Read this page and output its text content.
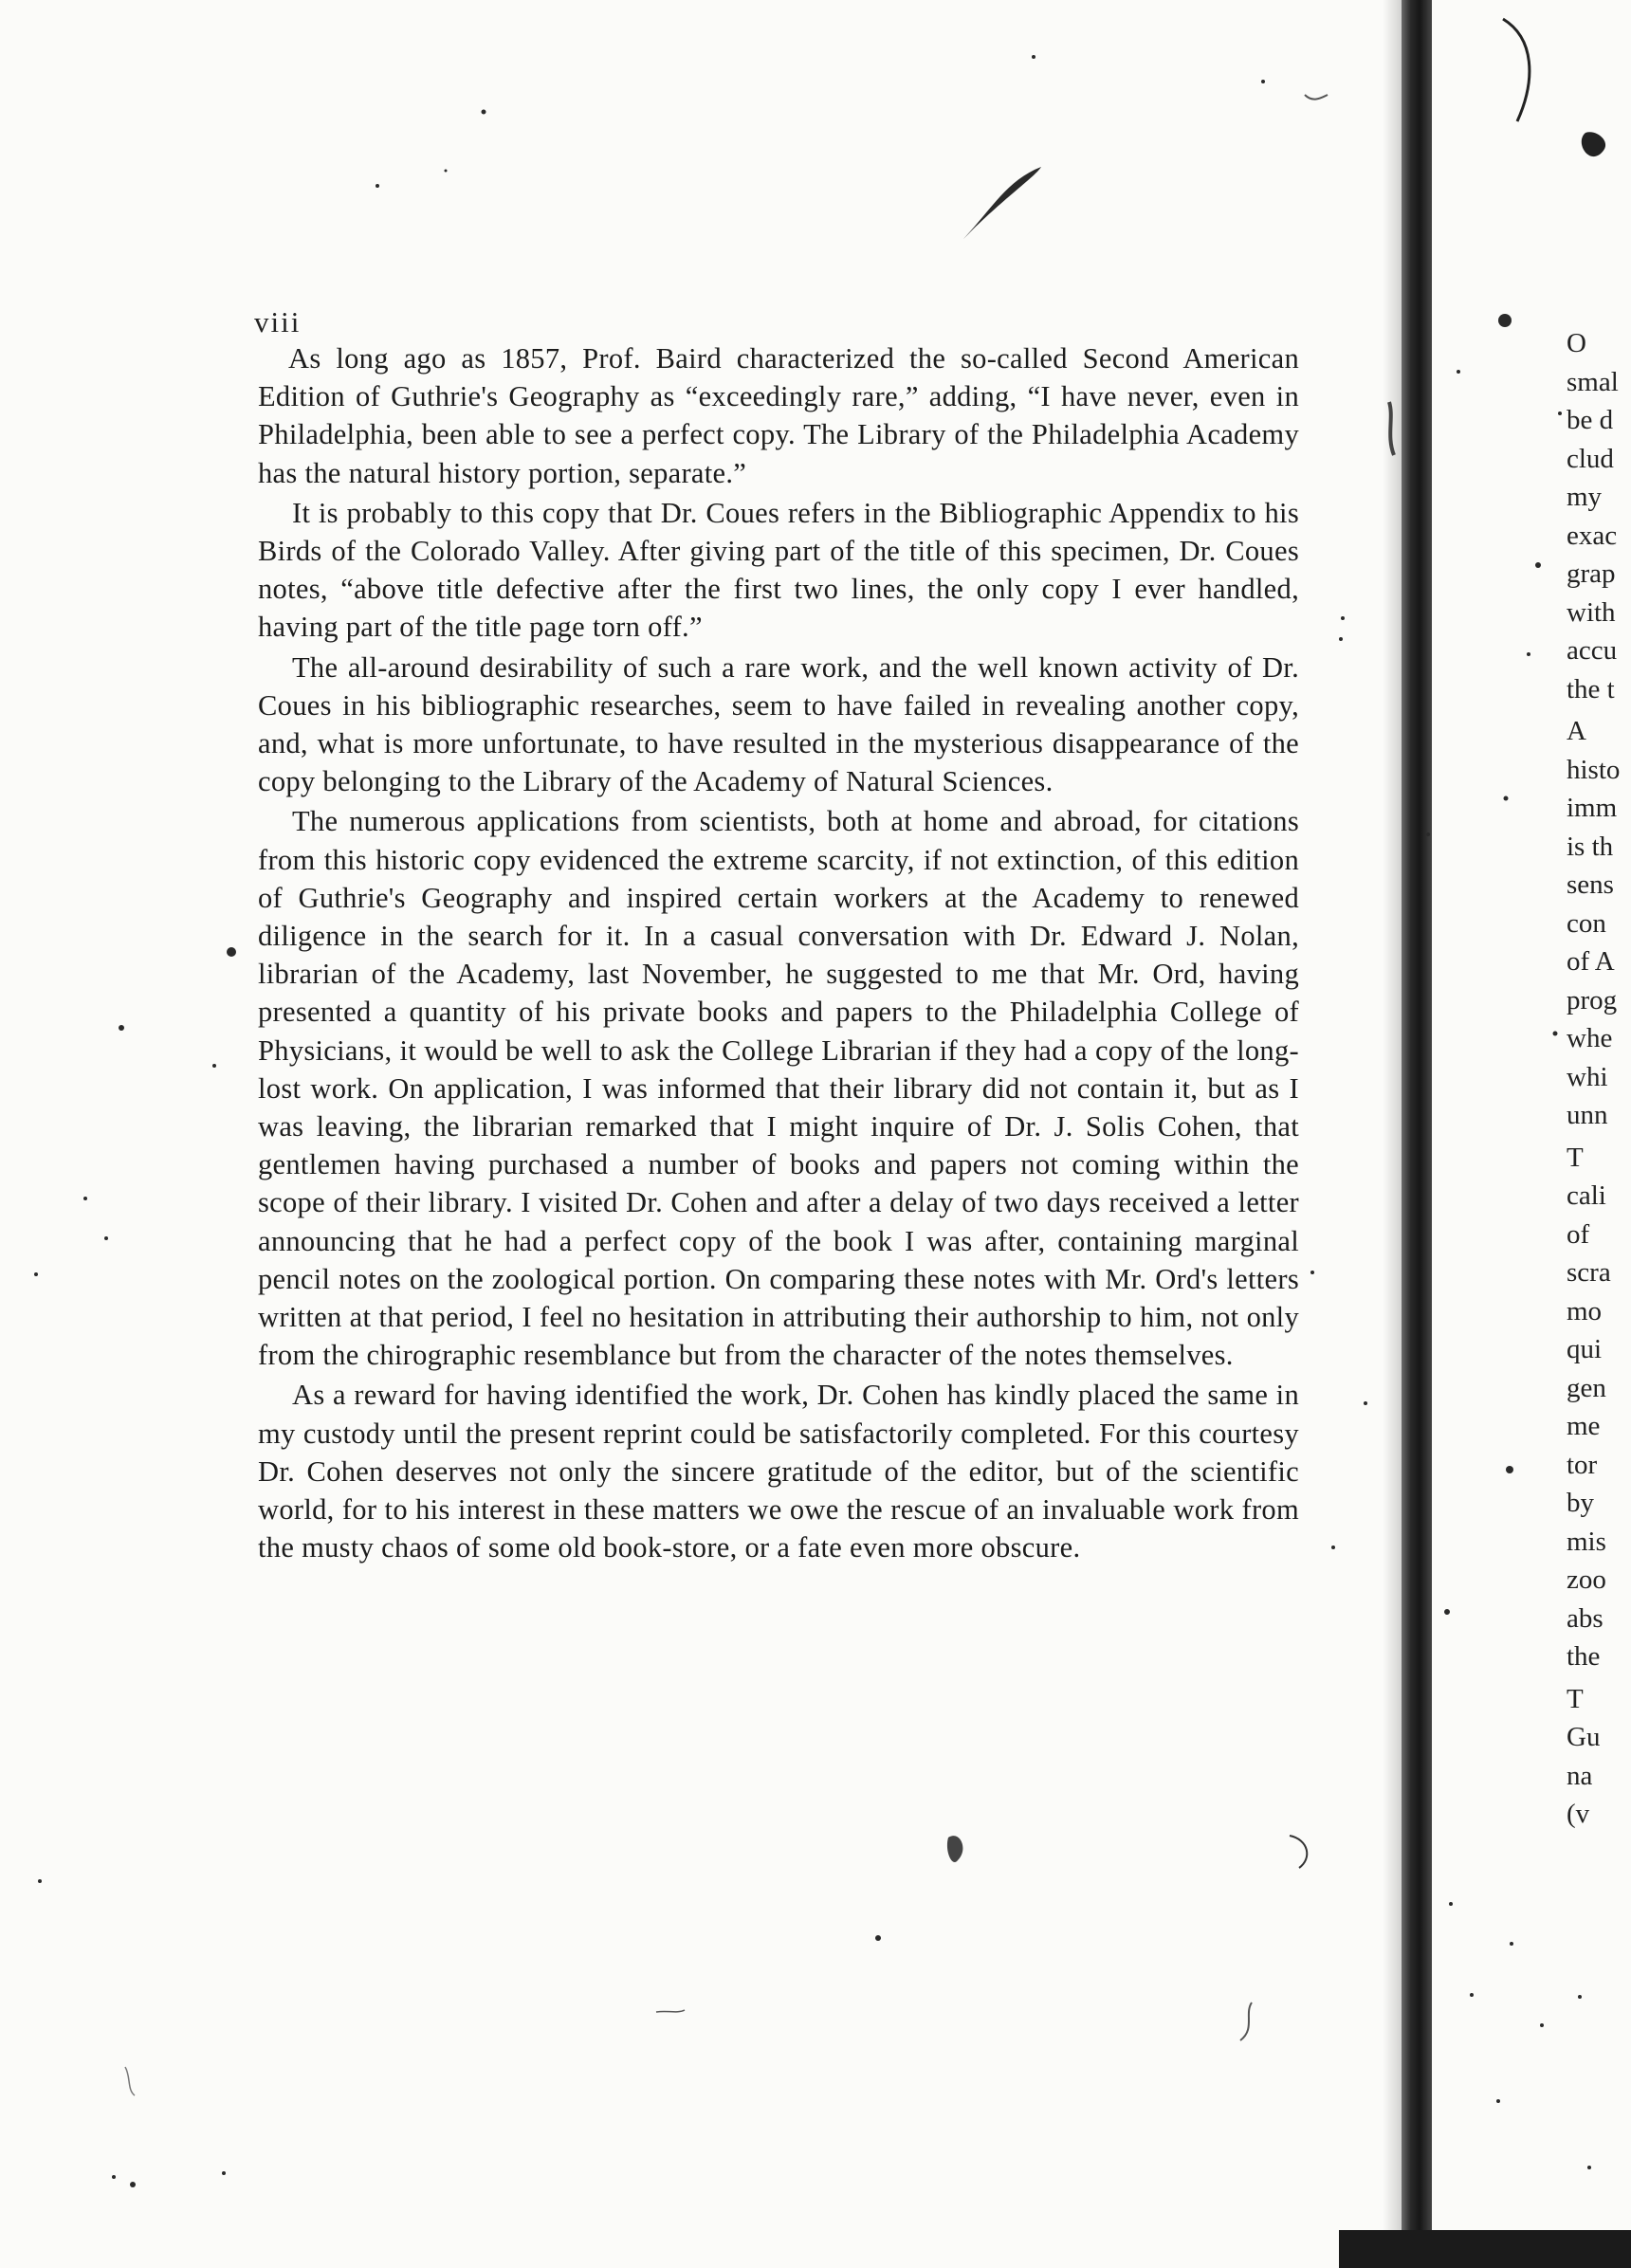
viii

As long ago as 1857, Prof. Baird characterized the so-called Second American Edition of Guthrie's Geography as “exceedingly rare,” adding, “I have never, even in Philadelphia, been able to see a perfect copy. The Library of the Philadelphia Academy has the natural history portion, separate.”

It is probably to this copy that Dr. Coues refers in the Bibliographic Appendix to his Birds of the Colorado Valley. After giving part of the title of this specimen, Dr. Coues notes, “above title defective after the first two lines, the only copy I ever handled, having part of the title page torn off.”

The all-around desirability of such a rare work, and the well known activity of Dr. Coues in his bibliographic researches, seem to have failed in revealing another copy, and, what is more unfortunate, to have resulted in the mysterious disappearance of the copy belonging to the Library of the Academy of Natural Sciences.

The numerous applications from scientists, both at home and abroad, for citations from this historic copy evidenced the extreme scarcity, if not extinction, of this edition of Guthrie's Geography and inspired certain workers at the Academy to renewed diligence in the search for it. In a casual conversation with Dr. Edward J. Nolan, librarian of the Academy, last November, he suggested to me that Mr. Ord, having presented a quantity of his private books and papers to the Philadelphia College of Physicians, it would be well to ask the College Librarian if they had a copy of the long-lost work. On application, I was informed that their library did not contain it, but as I was leaving, the librarian remarked that I might inquire of Dr. J. Solis Cohen, that gentlemen having purchased a number of books and papers not coming within the scope of their library. I visited Dr. Cohen and after a delay of two days received a letter announcing that he had a perfect copy of the book I was after, containing marginal pencil notes on the zoological portion. On comparing these notes with Mr. Ord's letters written at that period, I feel no hesitation in attributing their authorship to him, not only from the chirographic resemblance but from the character of the notes themselves.

As a reward for having identified the work, Dr. Cohen has kindly placed the same in my custody until the present reprint could be satisfactorily completed. For this courtesy Dr. Cohen deserves not only the sincere gratitude of the editor, but of the scientific world, for to his interest in these matters we owe the rescue of an invaluable work from the musty chaos of some old book-store, or a fate even more obscure.

O
smal
be d
clud
my
exac
grap
with
accu
the t
A
histo
imm
is th
sens
con
of A
prog
whe
whi
unn
T
cali
of
scra
mo
qui
gen
me
tor
by
mis
zoo
abs
the
T
Gu
na
(v
